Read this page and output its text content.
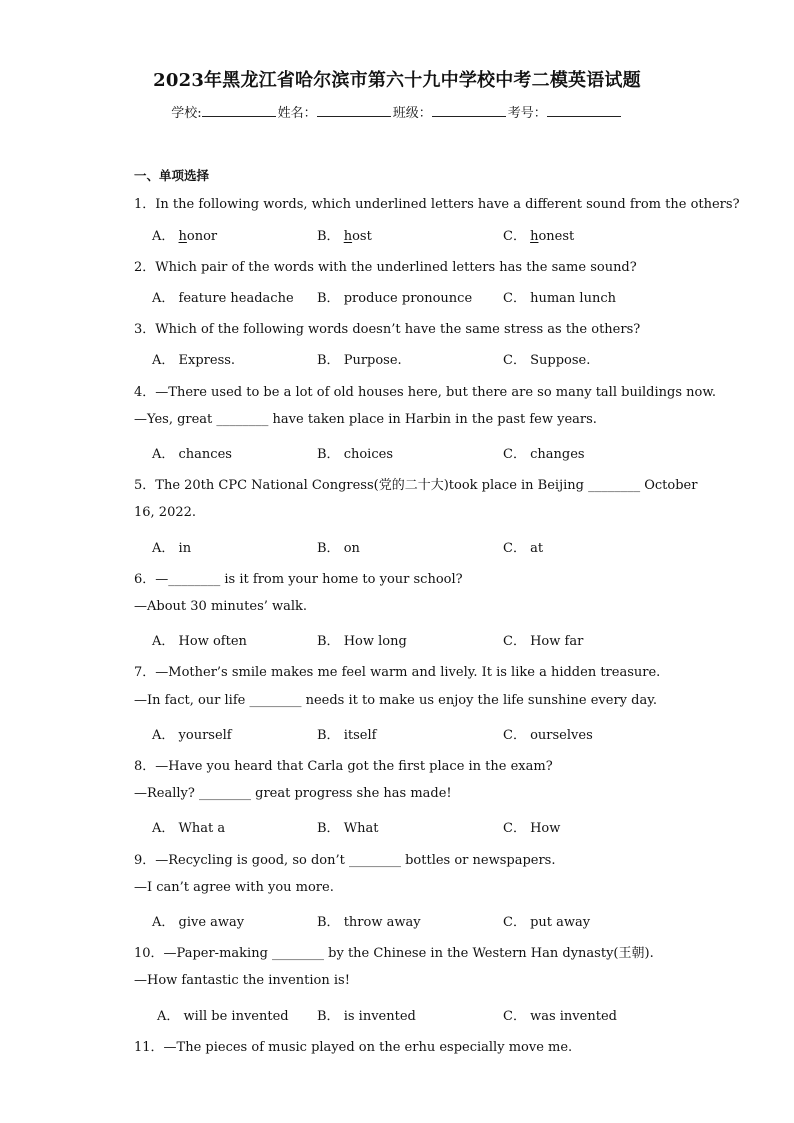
2023年黑龙江省哈尔滨市第六十九中学校中考二模英语试题
学校:	姓名：	班级：	考号：
一、单项选择
1．In the following words, which underlined letters have a different sound from the others?
A． honor	B． host	C． honest
2．Which pair of the words with the underlined letters has the same sound?
A． feature headache B． produce pronounce C． human lunch
3．Which of the following words doesn’t have the same stress as the others?
A． Express.	B． Purpose.	C． Suppose.
4．—There used to be a lot of old houses here, but there are so many tall buildings now.
—Yes, great ________ have taken place in Harbin in the past few years.
A． chances	B． choices	C． changes
5．The 20th CPC National Congress(党的二十大)took place in Beijing ________ October
16, 2022.
A． in	B． on	C． at
6．—________ is it from your home to your school?
—About 30 minutes’ walk.
A． How often	B． How long	C． How far
7．—Mother’s smile makes me feel warm and lively. It is like a hidden treasure.
—In fact, our life ________ needs it to make us enjoy the life sunshine every day.
A． yourself	B． itself	C． ourselves
8．—Have you heard that Carla got the first place in the exam?
—Really? ________ great progress she has made!
A． What a	B． What	C． How
9．—Recycling is good, so don’t ________ bottles or newspapers.
—I can’t agree with you more.
A． give away	B． throw away	C． put away
10．—Paper-making ________ by the Chinese in the Western Han dynasty(王朝).
—How fantastic the invention is!
A． will be invented B． is invented	C． was invented
11．—The pieces of music played on the erhu especially move me.
